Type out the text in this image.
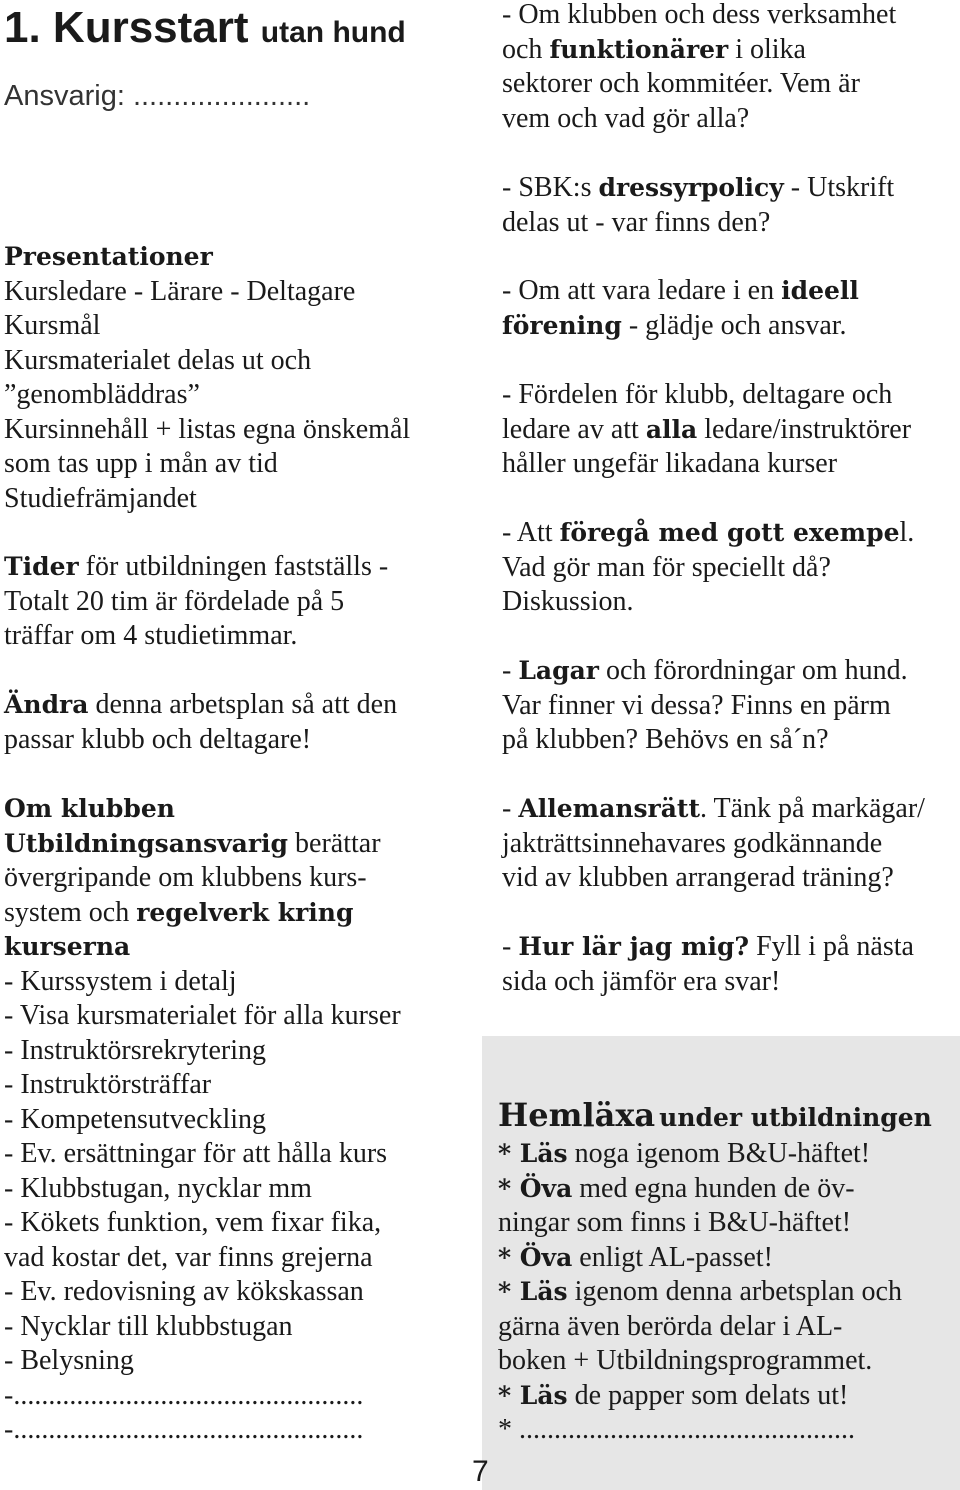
1. Kursstart utan hund
Ansvarig: ......................
Presentationer
Kursledare - Lärare - Deltagare
Kursmål
Kursmaterialet delas ut och
”genombläddras”
Kursinnehåll + listas egna önskemål
som tas upp i mån av tid
Studiefrämjandet
Tider för utbildningen fastställs -
Totalt 20 tim är fördelade på 5
träffar om 4 studietimmar.
Ändra denna arbetsplan så att den
passar klubb och deltagare!
Om klubben
Utbildningsansvarig berättar
övergripande om klubbens kurs-
system och regelverk kring
kurserna
- Kurssystem i detalj
- Visa kursmaterialet för alla kurser
- Instruktörsrekrytering
- Instruktörsträffar
- Kompetensutveckling
- Ev. ersättningar för att hålla kurs
- Klubbstugan, nycklar mm
- Kökets funktion, vem fixar fika,
vad kostar det, var finns grejerna
- Ev. redovisning av kökskassan
- Nycklar till klubbstugan
- Belysning
-..................................................
-..................................................
- Om klubben och dess verksamhet
och funktionärer i olika
sektorer och kommitéer. Vem är
vem och vad gör alla?
- SBK:s dressyrpolicy - Utskrift
delas ut - var finns den?
- Om att vara ledare i en ideell
förening - glädje och ansvar.
- Fördelen för klubb, deltagare och
ledare av att alla ledare/instruktörer
håller ungefär likadana kurser
- Att föregå med gott exempel.
Vad gör man för speciellt då?
Diskussion.
- Lagar och förordningar om hund.
Var finner vi dessa? Finns en pärm
på klubben? Behövs en så´n?
- Allemansrätt. Tänk på markägar/
jakträttsinnehavares godkännande
vid av klubben arrangerad träning?
- Hur lär jag mig? Fyll i på nästa
sida och jämför era svar!
Hemläxa under utbildningen
* Läs noga igenom B&U-häftet!
* Öva med egna hunden de öv-
ningar som finns i B&U-häftet!
* Öva enligt AL-passet!
* Läs igenom denna arbetsplan och
gärna även berörda delar i AL-
boken + Utbildningsprogrammet.
* Läs de papper som delats ut!
* ................................................
7
